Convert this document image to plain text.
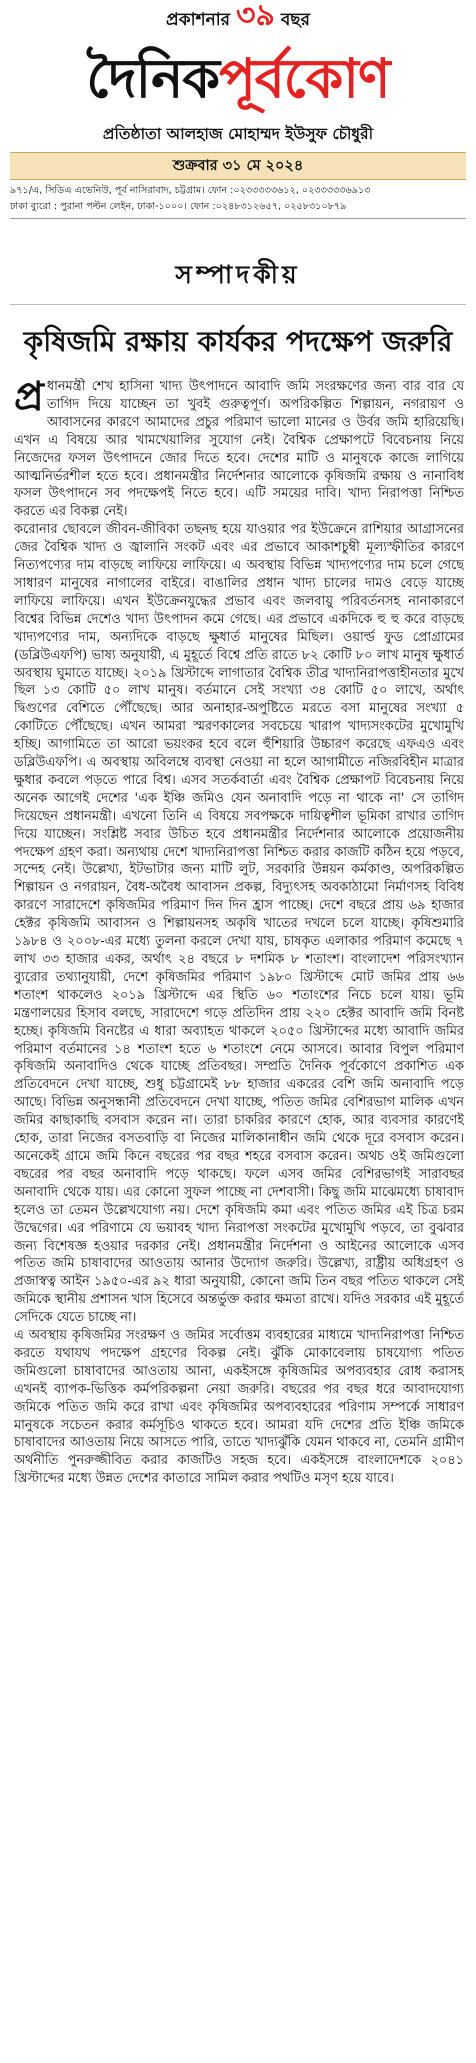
প্রকাশনার ৩৯ বছর
দৈনিকপূর্বকোণ
প্রতিষ্ঠাতা আলহাজ মোহাম্মদ ইউসুফ চৌধুরী
শুক্রবার ৩১ মে ২০২৪
৯৭১/এ, সিডিএ এভেনিউ, পূর্ব নাসিরাবাদ, চট্টগ্রাম। ফোন :০২৩৩৩৩৩৬১২, ০২৩৩৩৩৩৬৯১৩
ঢাকা ব্যুরো : পুরানা পল্টন লেইন, ঢাকা-১০০০। ফোন :০২৪৮৩১২৬৫৭, ০২৫৮৩১০৮৭৯
সম্পাদকীয়
কৃষিজমি রক্ষায় কার্যকর পদক্ষেপ জরুরি

প্র ধানমন্ত্রী শেখ হাসিনা খাদ্য উৎপাদনে আবাদি জমি সংরক্ষণের জন্য বার বার যে তাগিদ দিয়ে যাচ্ছেন তা খুবই গুরুত্বপূর্ণ। অপরিকল্পিত শিল্পায়ন, নগরায়ণ ও আবাসনের কারণে আমাদের প্রচুর পরিমাণ ভালো মানের ও উর্বর জমি হারিয়েছি। এখন এ বিষয়ে আর খামখেয়ালির সুযোগ নেই। বৈশ্বিক প্রেক্ষাপটে বিবেচনায় নিয়ে নিজেদের ফসল উৎপাদনে জোর দিতে হবে। দেশের মাটি ও মানুষকে কাজে লাগিয়ে আত্মনির্ভরশীল হতে হবে। প্রধানমন্ত্রীর নির্দেশনার আলোকে কৃষিজমি রক্ষায় ও নানাবিধ ফসল উৎপাদনে সব পদক্ষেপই নিতে হবে। এটি সময়ের দাবি। খাদ্য নিরাপত্তা নিশ্চিত করতে এর বিকল্প নেই।

করোনার ছোবলে জীবন-জীবিকা তছনছ হয়ে যাওয়ার পর ইউক্রেনে রাশিয়ার আগ্রাসনের জের বৈশ্বিক খাদ্য ও জ্বালানি সংকট এবং এর প্রভাবে আকাশচুম্বী মূল্যস্ফীতির কারণে নিত্যপণ্যের দাম বাড়ছে লাফিয়ে লাফিয়ে। এ অবস্থায় বিভিন্ন খাদ্যপণ্যের দাম চলে গেছে সাধারণ মানুষের নাগালের বাইরে। বাঙালির প্রধান খাদ্য চালের দামও বেড়ে যাচ্ছে লাফিয়ে লাফিয়ে। এখন ইউক্রেনযুদ্ধের প্রভাব এবং জলবায়ু পরিবর্তনসহ নানাকারণে বিশ্বের বিভিন্ন দেশেও খাদ্য উৎপাদন কমে গেছে। এর প্রভাবে একদিকে হু হু করে বাড়ছে খাদ্যপণ্যের দাম, অন্যদিকে বাড়ছে ক্ষুধার্ত মানুষের মিছিল। ওয়ার্ল্ড ফুড প্রোগ্রামের (ডব্লিউএফপি) ভাষ্য অনুযায়ী, এ মুহূর্তে বিশ্বে প্রতি রাতে ৮২ কোটি ৮০ লাখ মানুষ ক্ষুধার্ত অবস্থায় ঘুমাতে যাচ্ছে। ২০১৯ খ্রিস্টাব্দে লাগাতার বৈশ্বিক তীব্র খাদ্যনিরাপত্তাহীনতার মুখে ছিল ১৩ কোটি ৫০ লাখ মানুষ। বর্তমানে সেই সংখ্যা ৩৪ কোটি ৫০ লাখে, অর্থাৎ দ্বিগুণের বেশিতে পৌঁছেছে। আর অনাহার-অপুষ্টিতে মরতে বসা মানুষের সংখ্যা ৫ কোটিতে পৌঁছেছে। এখন আমরা স্মরণকালের সবচেয়ে খারাপ খাদ্যসংকটের মুখোমুখি হচ্ছি। আগামিতে তা আরো ভয়ংকর হবে বলে হুঁশিয়ারি উচ্চারণ করেছে এফএও এবং ডব্লিউএফপি। এ অবস্থায় অবিলম্বে ব্যবস্থা নেওয়া না হলে আগামীতে নজিরবিহীন মাত্রার ক্ষুধার কবলে পড়তে পারে বিশ্ব। এসব সতর্কবার্তা এবং বৈশ্বিক প্রেক্ষাপট বিবেচনায় নিয়ে অনেক আগেই দেশের 'এক ইঞ্চি জমিও যেন অনাবাদি পড়ে না থাকে না' সে তাগিদ দিয়েছেন প্রধানমন্ত্রী। এখনো তিনি এ বিষয়ে সবপক্ষকে দায়িত্বশীল ভূমিকা রাখার তাগিদ দিয়ে যাচ্ছেন। সংশ্লিষ্ট সবার উচিত হবে প্রধানমন্ত্রীর নির্দেশনার আলোকে প্রয়োজনীয় পদক্ষেপ গ্রহণ করা। অন্যথায় দেশে খাদ্যনিরাপত্তা নিশ্চিত করার কাজটি কঠিন হয়ে পড়বে, সন্দেহ নেই। উল্লেখ্য, ইটভাটার জন্য মাটি লুট, সরকারি উন্নয়ন কর্মকাণ্ড, অপরিকল্পিত শিল্পায়ন ও নগরায়ন, বৈধ-অবৈধ আবাসন প্রকল্প, বিদ্যুৎসহ অবকাঠামো নির্মাণসহ বিবিধ কারণে সারাদেশে কৃষিজমির পরিমাণ দিন দিন হ্রাস পাচ্ছে। দেশে বছরে প্রায় ৬৯ হাজার হেক্টর কৃষিজমি আবাসন ও শিল্পায়নসহ অকৃষি খাতের দখলে চলে যাচ্ছে। কৃষিশুমারি ১৯৮৪ ও ২০০৮-এর মধ্যে তুলনা করলে দেখা যায়, চাষকৃত এলাকার পরিমাণ কমেছে ৭ লাখ ৩৩ হাজার একর, অর্থাৎ ২৪ বছরে ৮ দশমিক ৮ শতাংশ। বাংলাদেশ পরিসংখ্যান ব্যুরোর তথ্যানুযায়ী, দেশে কৃষিজমির পরিমাণ ১৯৮০ খ্রিস্টাব্দে মোট জমির প্রায় ৬৬ শতাংশ থাকলেও ২০১৯ খ্রিস্টাব্দে এর স্থিতি ৬০ শতাংশের নিচে চলে যায়। ভূমি মন্ত্রণালয়ের হিসাব বলছে, সারাদেশে গড়ে প্রতিদিন প্রায় ২২০ হেক্টর আবাদি জমি বিনষ্ট হচ্ছে। কৃষিজমি বিনষ্টের এ ধারা অব্যাহত থাকলে ২০৫০ খ্রিস্টাব্দের মধ্যে আবাদি জমির পরিমাণ বর্তমানের ১৪ শতাংশ হতে ৬ শতাংশে নেমে আসবে। আবার বিপুল পরিমাণ কৃষিজমি অনাবাদিও থেকে যাচ্ছে প্রতিবছর। সম্প্রতি দৈনিক পূর্বকোণে প্রকাশিত এক প্রতিবেদনে দেখা যাচ্ছে, শুধু চট্টগ্রামেই ৮৮ হাজার একরের বেশি জমি অনাবাদি পড়ে আছে। বিভিন্ন অনুসন্ধানী প্রতিবেদনে দেখা যাচ্ছে, পতিত জমির বেশিরভাগ মালিক এখন জমির কাছাকাছি বসবাস করেন না। তারা চাকরির কারণে হোক, আর ব্যবসার কারণেই হোক, তারা নিজের বসতবাড়ি বা নিজের মালিকানাধীন জমি থেকে দূরে বসবাস করেন। অনেকেই গ্রামে জমি কিনে বছরের পর বছর শহরে বসবাস করেন। অথচ ওই জমিগুলো বছরের পর বছর অনাবাদি পড়ে থাকছে। ফলে এসব জমির বেশিরভাগই সারাবছর অনাবাদি থেকে যায়। এর কোনো সুফল পাচ্ছে না দেশবাসী। কিছু জমি মাঝেমধ্যে চাষাবাদ হলেও তা তেমন উল্লেখযোগ্য নয়। দেশে কৃষিজমি কমা এবং পতিত জমির এই চিত্র চরম উদ্বেগের। এর পরিণামে যে ভয়াবহ খাদ্য নিরাপত্তা সংকটের মুখোমুখি পড়বে, তা বুঝবার জন্য বিশেষজ্ঞ হওয়ার দরকার নেই। প্রধানমন্ত্রীর নির্দেশনা ও আইনের আলোকে এসব পতিত জমি চাষাবাদের আওতায় আনার উদ্যোগ জরুরি। উল্লেখ্য, রাষ্ট্রীয় অধিগ্রহণ ও প্রজাস্বত্ব আইন ১৯৫০-এর ৯২ ধারা অনুযায়ী, কোনো জমি তিন বছর পতিত থাকলে সেই জমিকে স্থানীয় প্রশাসন খাস হিসেবে অন্তর্ভুক্ত করার ক্ষমতা রাখে। যদিও সরকার এই মুহূর্তে সেদিকে যেতে চাচ্ছে না।

এ অবস্থায় কৃষিজমির সংরক্ষণ ও জমির সর্বোত্তম ব্যবহারের মাধ্যমে খাদ্যনিরাপত্তা নিশ্চিত করতে যথাযথ পদক্ষেপ গ্রহণের বিকল্প নেই। ঝুঁকি মোকাবেলায় চাষযোগ্য পতিত জমিগুলো চাষাবাদের আওতায় আনা, একইসঙ্গে কৃষিজমির অপব্যবহার রোধ করাসহ এখনই ব্যাপক-ভিত্তিক কর্মপরিকল্পনা নেয়া জরুরি। বছরের পর বছর ধরে আবাদযোগ্য জমিকে পতিত জমি করে রাখা এবং কৃষিজমির অপব্যবহারের পরিণাম সম্পর্কে সাধারণ মানুষকে সচেতন করার কর্মসূচিও থাকতে হবে। আমরা যদি দেশের প্রতি ইঞ্চি জমিকে চাষাবাদের আওতায় নিয়ে আসতে পারি, তাতে খাদ্যঝুঁকি যেমন থাকবে না, তেমনি গ্রামীণ অর্থনীতি পুনরুজ্জীবিত করার কাজটিও সহজ হবে। একইসঙ্গে বাংলাদেশকে ২০৪১ খ্রিস্টাব্দের মধ্যে উন্নত দেশের কাতারে সামিল করার পথটিও মসৃণ হয়ে যাবে।
